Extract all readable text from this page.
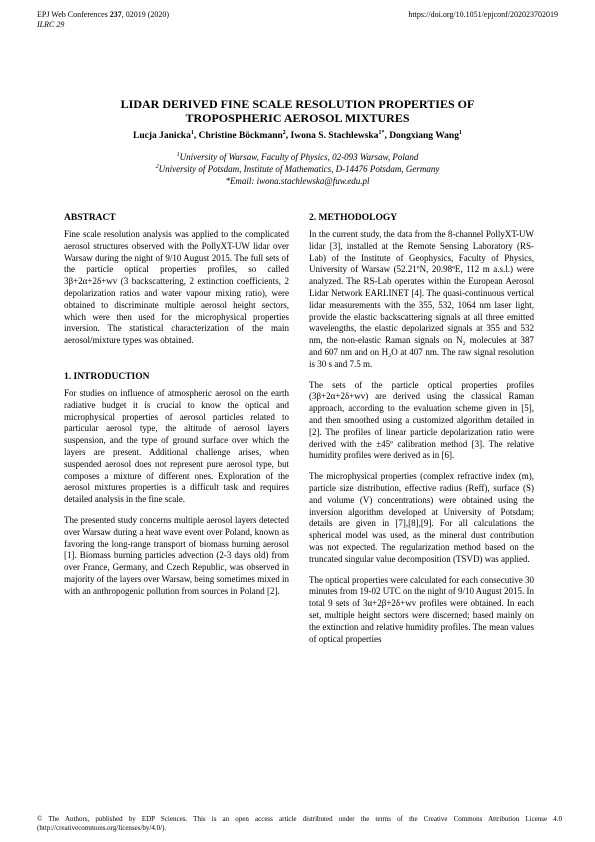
EPJ Web Conferences 237, 02019 (2020)
ILRC 29
https://doi.org/10.1051/epjconf/202023702019
LIDAR DERIVED FINE SCALE RESOLUTION PROPERTIES OF
TROPOSPHERIC AEROSOL MIXTURES
Lucja Janicka$^1$, Christine Böckmann$^2$, Iwona S. Stachlewska$^{1*}$, Dongxiang Wang$^1$
$^1$University of Warsaw, Faculty of Physics, 02-093 Warsaw, Poland
$^2$University of Potsdam, Institute of Mathematics, D-14476 Potsdam, Germany
*Email: iwona.stachlewska@fuw.edu.pl
ABSTRACT

Fine scale resolution analysis was applied to the complicated aerosol structures observed with the PollyXT-UW lidar over Warsaw during the night of 9/10 August 2015. The full sets of the particle optical properties profiles, so called 3β+2α+2δ+wv (3 backscattering, 2 extinction coefficients, 2 depolarization ratios and water vapour mixing ratio), were obtained to discriminate multiple aerosol height sectors, which were then used for the microphysical properties inversion. The statistical characterization of the main aerosol/mixture types was obtained.

1. INTRODUCTION

For studies on influence of atmospheric aerosol on the earth radiative budget it is crucial to know the optical and microphysical properties of aerosol particles related to particular aerosol type, the altitude of aerosol layers suspension, and the type of ground surface over which the layers are present. Additional challenge arises, when suspended aerosol does not represent pure aerosol type, but composes a mixture of different ones. Exploration of the aerosol mixtures properties is a difficult task and requires detailed analysis in the fine scale.

The presented study concerns multiple aerosol layers detected over Warsaw during a heat wave event over Poland, known as favoring the long-range transport of biomass burning aerosol [1]. Biomass burning particles advection (2-3 days old) from over France, Germany, and Czech Republic, was observed in majority of the layers over Warsaw, being sometimes mixed in with an anthropogenic pollution from sources in Poland [2].

2. METHODOLOGY

In the current study, the data from the 8-channel PollyXT-UW lidar [3], installed at the Remote Sensing Laboratory (RS-Lab) of the Institute of Geophysics, Faculty of Physics, University of Warsaw (52.21ºN, 20.98ºE, 112 m a.s.l.) were analyzed. The RS-Lab operates within the European Aerosol Lidar Network EARLINET [4]. The quasi-continuous vertical lidar measurements with the 355, 532, 1064 nm laser light, provide the elastic backscattering signals at all three emitted wavelengths, the elastic depolarized signals at 355 and 532 nm, the non-elastic Raman signals on N₂ molecules at 387 and 607 nm and on H₂O at 407 nm. The raw signal resolution is 30 s and 7.5 m.

The sets of the particle optical properties profiles (3β+2α+2δ+wv) are derived using the classical Raman approach, according to the evaluation scheme given in [5], and then smoothed using a customized algorithm detailed in [2]. The profiles of linear particle depolarization ratio were derived with the ±45º calibration method [3]. The relative humidity profiles were derived as in [6].

The microphysical properties (complex refractive index (m), particle size distribution, effective radius (Reff), surface (S) and volume (V) concentrations) were obtained using the inversion algorithm developed at University of Potsdam; details are given in [7],[8],[9]. For all calculations the spherical model was used, as the mineral dust contribution was not expected. The regularization method based on the truncated singular value decomposition (TSVD) was applied.

The optical properties were calculated for each consecutive 30 minutes from 19-02 UTC on the night of 9/10 August 2015. In total 9 sets of 3α+2β+2δ+wv profiles were obtained. In each set, multiple height sectors were discerned; based mainly on the extinction and relative humidity profiles. The mean values of optical properties

© The Authors, published by EDP Sciences. This is an open access article distributed under the terms of the Creative Commons Attribution License 4.0 (http://creativecommons.org/licenses/by/4.0/).
